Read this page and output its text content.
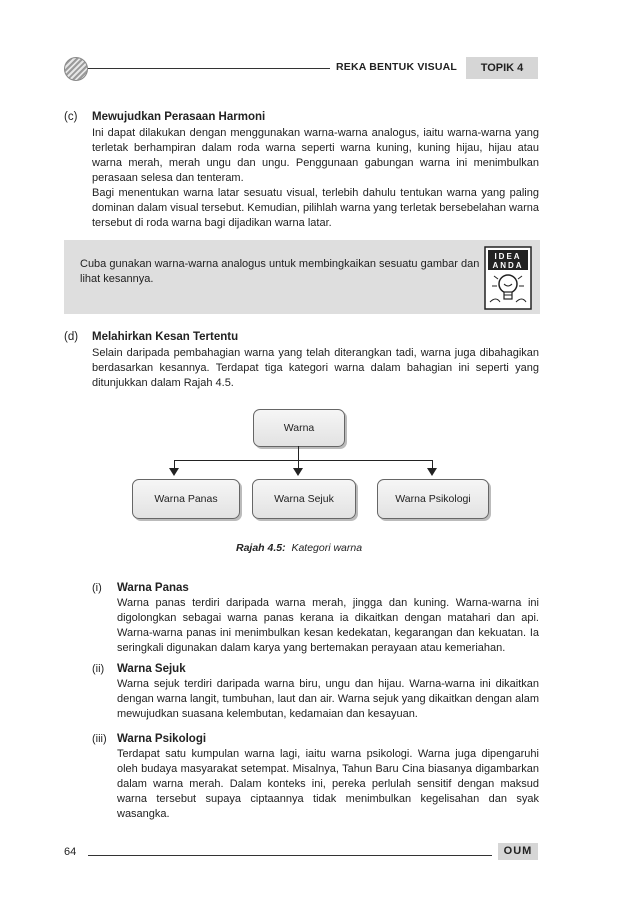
REKA BENTUK VISUAL	TOPIK 4
(c) Mewujudkan Perasaan Harmoni
Ini dapat dilakukan dengan menggunakan warna-warna analogus, iaitu warna-warna yang terletak berhampiran dalam roda warna seperti warna kuning, kuning hijau, hijau atau warna merah, merah ungu dan ungu. Penggunaan gabungan warna ini menimbulkan perasaan selesa dan tenteram.
Bagi menentukan warna latar sesuatu visual, terlebih dahulu tentukan warna yang paling dominan dalam visual tersebut. Kemudian, pilihlah warna yang terletak bersebelahan warna tersebut di roda warna bagi dijadikan warna latar.
Cuba gunakan warna-warna analogus untuk membingkaikan sesuatu gambar dan lihat kesannya.
IDEA
ANDA
(d) Melahirkan Kesan Tertentu
Selain daripada pembahagian warna yang telah diterangkan tadi, warna juga dibahagikan berdasarkan kesannya. Terdapat tiga kategori warna dalam bahagian ini seperti yang ditunjukkan dalam Rajah 4.5.
Warna
Warna Panas	Warna Sejuk	Warna Psikologi
Rajah 4.5: Kategori warna
(i) Warna Panas
Warna panas terdiri daripada warna merah, jingga dan kuning. Warna-warna ini digolongkan sebagai warna panas kerana ia dikaitkan dengan matahari dan api. Warna-warna panas ini menimbulkan kesan kedekatan, kegarangan dan kekuatan. Ia seringkali digunakan dalam karya yang bertemakan perayaan atau kemeriahan.
(ii) Warna Sejuk
Warna sejuk terdiri daripada warna biru, ungu dan hijau. Warna-warna ini dikaitkan dengan warna langit, tumbuhan, laut dan air. Warna sejuk yang dikaitkan dengan alam mewujudkan suasana kelembutan, kedamaian dan kesayuan.
(iii) Warna Psikologi
Terdapat satu kumpulan warna lagi, iaitu warna psikologi. Warna juga dipengaruhi oleh budaya masyarakat setempat. Misalnya, Tahun Baru Cina biasanya digambarkan dalam warna merah. Dalam konteks ini, pereka perlulah sensitif dengan maksud warna tersebut supaya ciptaannya tidak menimbulkan kegelisahan dan syak wasangka.
64	OUM
